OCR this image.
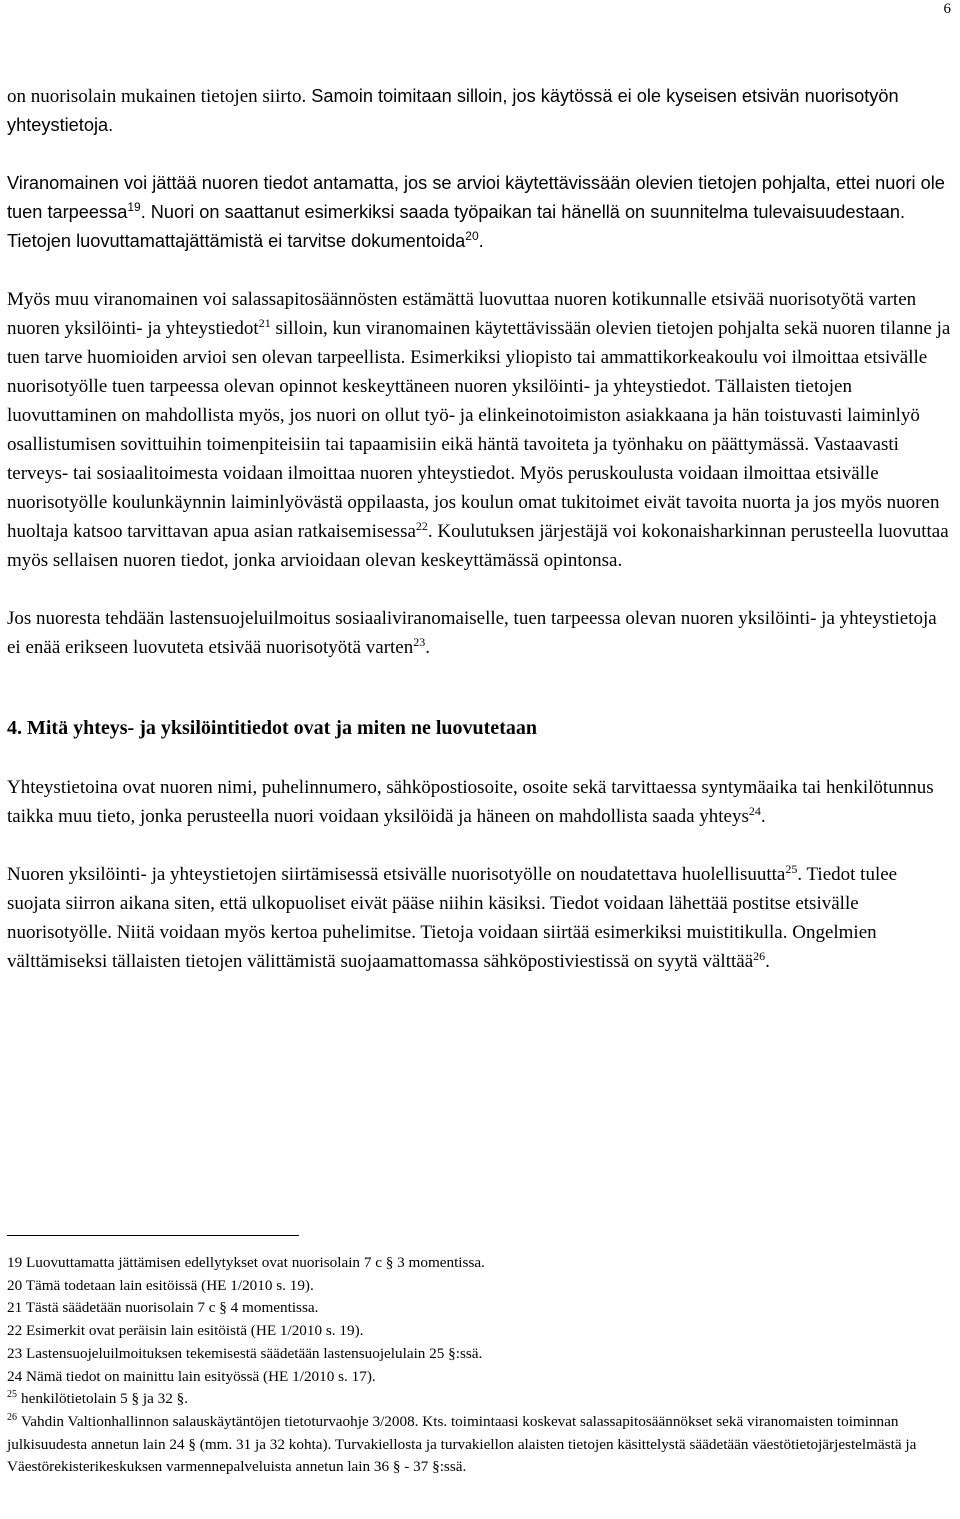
6

on nuorisolain mukainen tietojen siirto. Samoin toimitaan silloin, jos käytössä ei ole kyseisen etsivän nuorisotyön yhteystietoja.

Viranomainen voi jättää nuoren tiedot antamatta, jos se arvioi käytettävissään olevien tietojen pohjalta, ettei nuori ole tuen tarpeessa$^{19}$. Nuori on saattanut esimerkiksi saada työpaikan tai hänellä on suunnitelma tulevaisuudestaan. Tietojen luovuttamattajättämistä ei tarvitse dokumentoida$^{20}$.

Myös muu viranomainen voi salassapitosäännösten estämättä luovuttaa nuoren kotikunnalle etsivää nuorisotyötä varten nuoren yksilöinti- ja yhteystiedot$^{21}$ silloin, kun viranomainen käytettävissään olevien tietojen pohjalta sekä nuoren tilanne ja tuen tarve huomioiden arvioi sen olevan tarpeellista. Esimerkiksi yliopisto tai ammattikorkeakoulu voi ilmoittaa etsivälle nuorisotyölle tuen tarpeessa olevan opinnot keskeyttäneen nuoren yksilöinti- ja yhteystiedot. Tällaisten tietojen luovuttaminen on mahdollista myös, jos nuori on ollut työ- ja elinkeinotoimiston asiakkaana ja hän toistuvasti laiminlyö osallistumisen sovittuihin toimenpiteisiin tai tapaamisiin eikä häntä tavoiteta ja työnhaku on päättymässä. Vastaavasti terveys- tai sosiaalitoimesta voidaan ilmoittaa nuoren yhteystiedot. Myös peruskoulusta voidaan ilmoittaa etsivälle nuorisotyölle koulunkäynnin laiminlyövästä oppilaasta, jos koulun omat tukitoimet eivät tavoita nuorta ja jos myös nuoren huoltaja katsoo tarvittavan apua asian ratkaisemisessa$^{22}$. Koulutuksen järjestäjä voi kokonaisharkinnan perusteella luovuttaa myös sellaisen nuoren tiedot, jonka arvioidaan olevan keskeyttämässä opintonsa.

Jos nuoresta tehdään lastensuojeluilmoitus sosiaaliviranomaiselle, tuen tarpeessa olevan nuoren yksilöinti- ja yhteystietoja ei enää erikseen luovuteta etsivää nuorisotyötä varten$^{23}$.

4. Mitä yhteys- ja yksilöintitiedot ovat ja miten ne luovutetaan

Yhteystietoina ovat nuoren nimi, puhelinnumero, sähköpostiosoite, osoite sekä tarvittaessa syntymäaika tai henkilötunnus taikka muu tieto, jonka perusteella nuori voidaan yksilöidä ja häneen on mahdollista saada yhteys$^{24}$.

Nuoren yksilöinti- ja yhteystietojen siirtämisessä etsivälle nuorisotyölle on noudatettava huolellisuutta$^{25}$. Tiedot tulee suojata siirron aikana siten, että ulkopuoliset eivät pääse niihin käsiksi. Tiedot voidaan lähettää postitse etsivälle nuorisotyölle. Niitä voidaan myös kertoa puhelimitse. Tietoja voidaan siirtää esimerkiksi muistitikulla. Ongelmien välttämiseksi tällaisten tietojen välittämistä suojaamattomassa sähköpostiviestissä on syytä välttää$^{26}$.

19 Luovuttamatta jättämisen edellytykset ovat nuorisolain 7 c § 3 momentissa.
20 Tämä todetaan lain esitöissä (HE 1/2010 s. 19).
21 Tästä säädetään nuorisolain 7 c § 4 momentissa.
22 Esimerkit ovat peräisin lain esitöistä (HE 1/2010 s. 19).
23 Lastensuojeluilmoituksen tekemisestä säädetään lastensuojelulain 25 §:ssä.
24 Nämä tiedot on mainittu lain esityössä (HE 1/2010 s. 17).
$^{25}$ henkilötietolain 5 § ja 32 §.
$^{26}$ Vahdin Valtionhallinnon salauskäytäntöjen tietoturvaohje 3/2008. Kts. toimintaasi koskevat salassapitosäännökset sekä viranomaisten toiminnan julkisuudesta annetun lain 24 § (mm. 31 ja 32 kohta). Turvakiellosta ja turvakiellon alaisten tietojen käsittelystä säädetään väestötietojärjestelmästä ja Väestörekisterikeskuksen varmennepalveluista annetun lain 36 § - 37 §:ssä.
